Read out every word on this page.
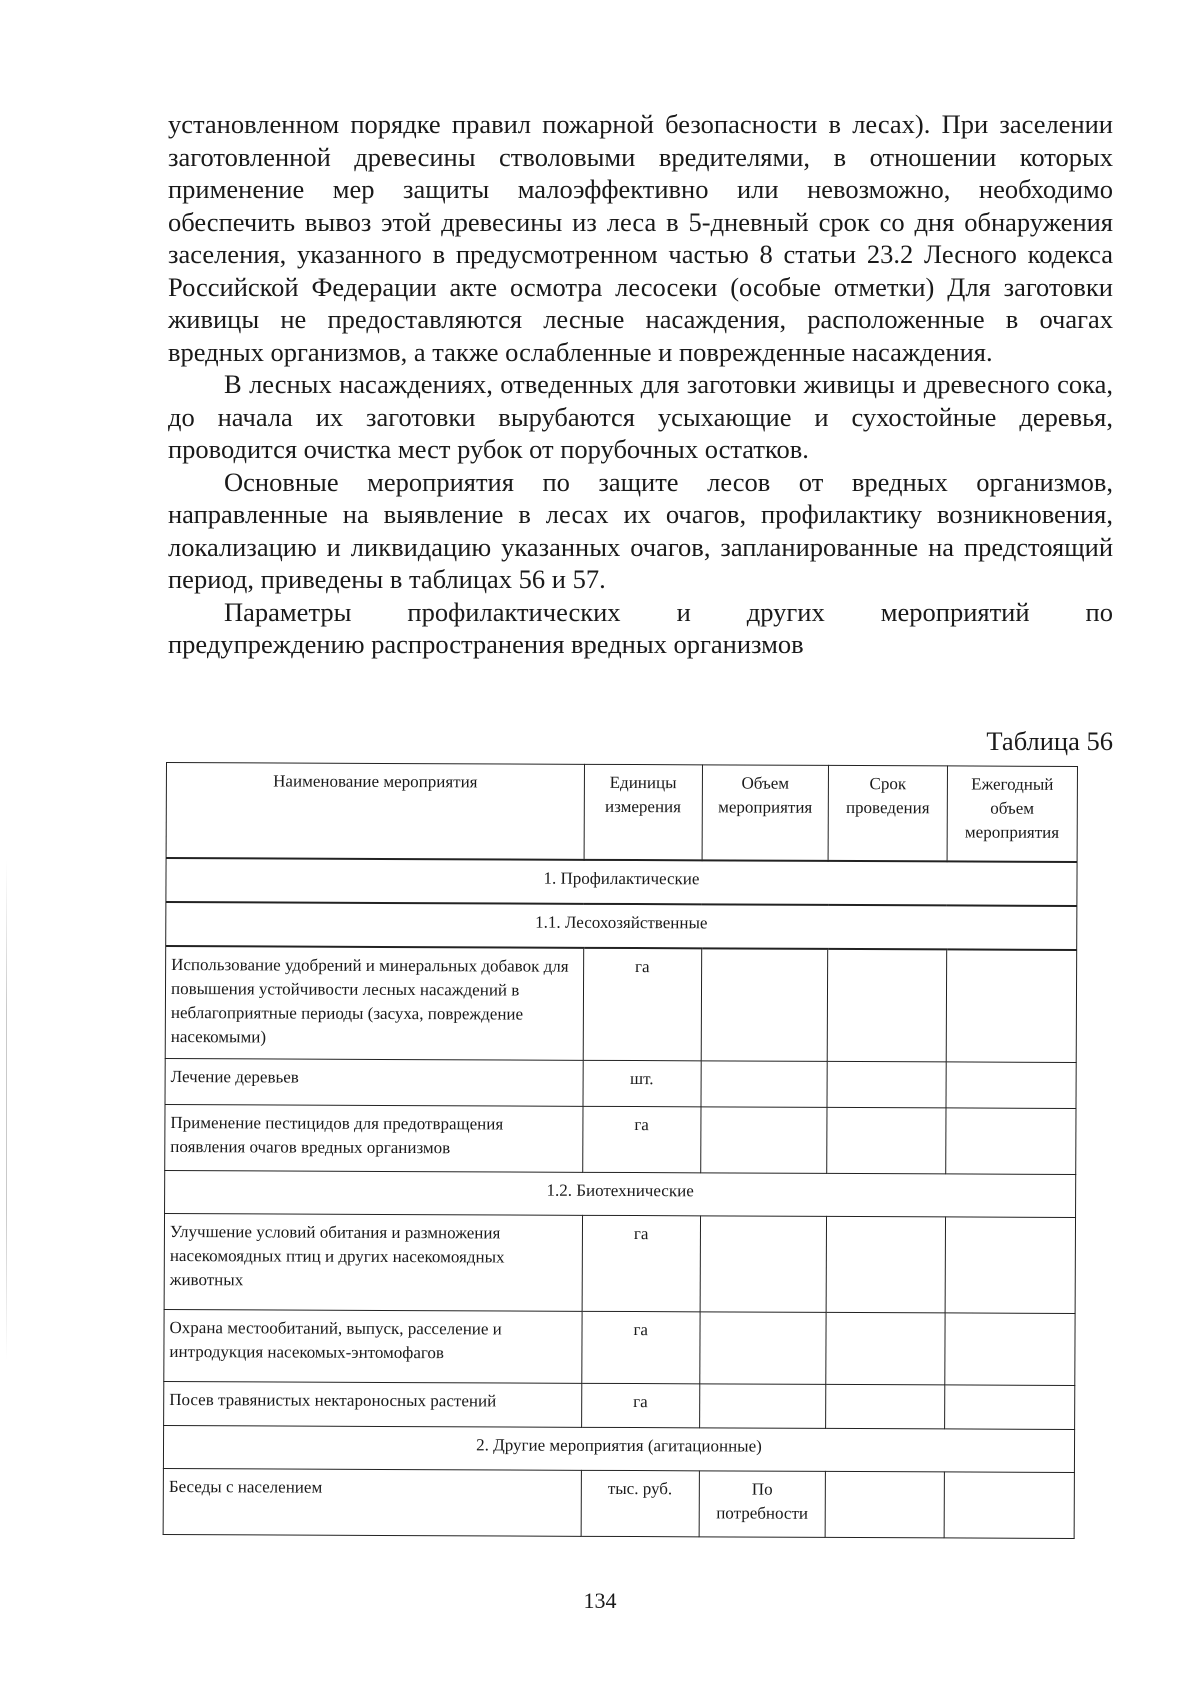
установленном порядке правил пожарной безопасности в лесах). При заселении заготовленной древесины стволовыми вредителями, в отношении которых применение мер защиты малоэффективно или невозможно, необходимо обеспечить вывоз этой древесины из леса в 5-дневный срок со дня обнаружения заселения, указанного в предусмотренном частью 8 статьи 23.2 Лесного кодекса Российской Федерации акте осмотра лесосеки (особые отметки) Для заготовки живицы не предоставляются лесные насаждения, расположенные в очагах вредных организмов, а также ослабленные и поврежденные насаждения.

В лесных насаждениях, отведенных для заготовки живицы и древесного сока, до начала их заготовки вырубаются усыхающие и сухостойные деревья, проводится очистка мест рубок от порубочных остатков.

Основные мероприятия по защите лесов от вредных организмов, направленные на выявление в лесах их очагов, профилактику возникновения, локализацию и ликвидацию указанных очагов, запланированные на предстоящий период, приведены в таблицах 56 и 57.

Параметры профилактических и других мероприятий по
предупреждению распространения вредных организмов
Таблица 56
Наименование мероприятия	Единицы измерения	Объем мероприятия	Срок проведения	Ежегодный объем мероприятия
1. Профилактические				
1.1. Лесохозяйственные				
Использование удобрений и минеральных добавок для повышения устойчивости лесных насаждений в неблагоприятные периоды (засуха, повреждение насекомыми)	га			
Лечение деревьев	шт.			
Применение пестицидов для предотвращения появления очагов вредных организмов	га			
1.2. Биотехнические				
Улучшение условий обитания и размножения насекомоядных птиц и других насекомоядных животных	га			
Охрана местообитаний, выпуск, расселение и интродукция насекомых-энтомофагов	га			
Посев травянистых нектароносных растений	га			
2. Другие мероприятия (агитационные)				
Беседы с населением	тыс. руб.	По потребности		
134
